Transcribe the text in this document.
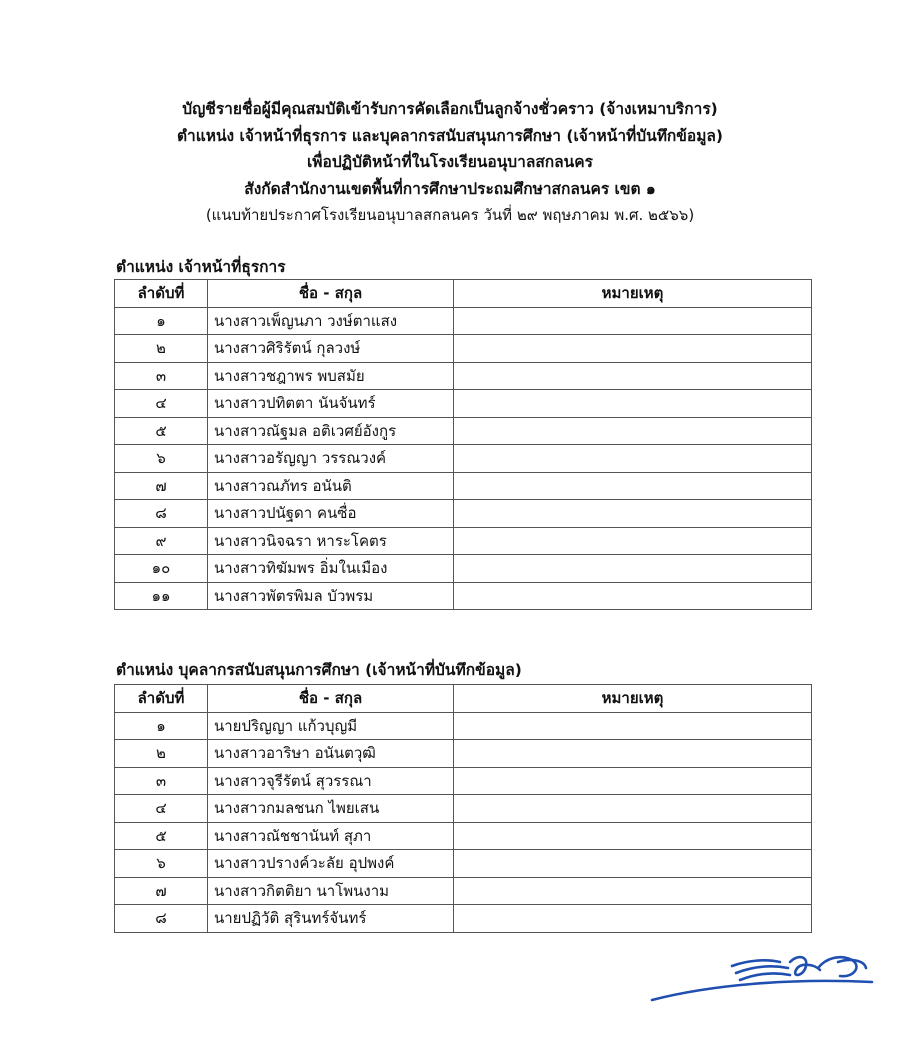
บัญชีรายชื่อผู้มีคุณสมบัติเข้ารับการคัดเลือกเป็นลูกจ้างชั่วคราว (จ้างเหมาบริการ)
ตำแหน่ง เจ้าหน้าที่ธุรการ และบุคลากรสนับสนุนการศึกษา (เจ้าหน้าที่บันทึกข้อมูล)
เพื่อปฏิบัติหน้าที่ในโรงเรียนอนุบาลสกลนคร
สังกัดสำนักงานเขตพื้นที่การศึกษาประถมศึกษาสกลนคร เขต ๑
(แนบท้ายประกาศโรงเรียนอนุบาลสกลนคร วันที่ ๒๙ พฤษภาคม พ.ศ. ๒๕๖๖)
ตำแหน่ง เจ้าหน้าที่ธุรการ
ลำดับที่	ชื่อ - สกุล	หมายเหตุ
๑	นางสาวเพ็ญนภา วงษ์ตาแสง	
๒	นางสาวศิริรัตน์ กุลวงษ์	
๓	นางสาวชฎาพร พบสมัย	
๔	นางสาวปทิตตา นันจันทร์	
๕	นางสาวณัฐมล อติเวศย์อังกูร	
๖	นางสาวอรัญญา วรรณวงค์	
๗	นางสาวณภัทร อนันติ	
๘	นางสาวปนัฐดา คนซื่อ	
๙	นางสาวนิจฉรา หาระโคตร	
๑๐	นางสาวทิฆัมพร อิ่มในเมือง	
๑๑	นางสาวพัตรพิมล บัวพรม	
ตำแหน่ง บุคลากรสนับสนุนการศึกษา (เจ้าหน้าที่บันทึกข้อมูล)
ลำดับที่	ชื่อ - สกุล	หมายเหตุ
๑	นายปริญญา แก้วบุญมี	
๒	นางสาวอาริษา อนันตวุฒิ	
๓	นางสาวจุรีรัตน์ สุวรรณา	
๔	นางสาวกมลชนก ไพยเสน	
๕	นางสาวณัชชานันท์ สุภา	
๖	นางสาวปรางค์วะลัย อุปพงค์	
๗	นางสาวกิตติยา นาโพนงาม	
๘	นายปฏิวัติ สุรินทร์จันทร์	
